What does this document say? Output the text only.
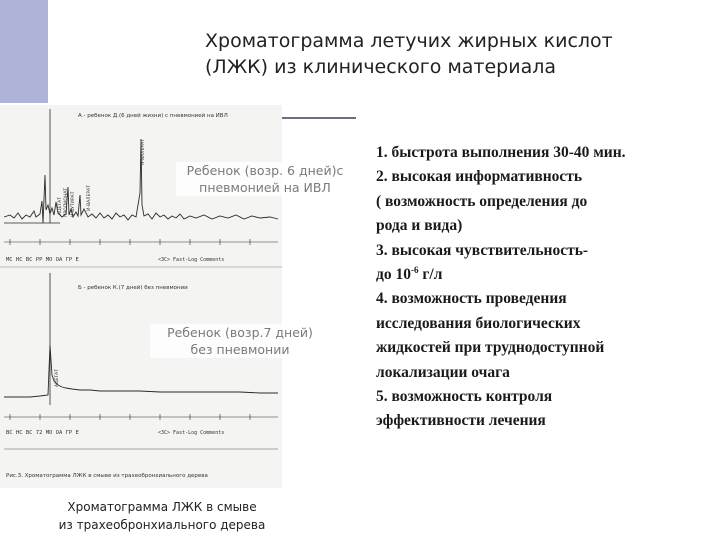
Хроматограмма летучих жирных кислот
(ЛЖК) из клинического материала
А - ребенок Д.(6 дней жизни) с пневмонией на ИВЛ
АЦЕТАТ ПРОПИОНАТ И-ВУТИРАТ И-ВАЛЕРАТ
Н-ВАЛЕРАТ
МС НС ВС РР МО ОА ГР Е	<ЗС> Fast-Log Comments
Б - ребенок К.(7 дней) без пневмонии
АЦЕТАТ
ВС НС ВС 72 МО ОА ГР Е	<ЗС> Fast-Log Comments
Рис.3. Хроматограмма ЛЖК в смыве из трахеобронхиального дерева
Ребенок (возр. 6 дней)с
пневмонией на ИВЛ
Ребенок (возр.7 дней)
без пневмонии
Хроматограмма ЛЖК в смыве
из трахеобронхиального дерева
1. быстрота выполнения 30-40 мин.
2. высокая информативность
( возможность определения до
рода и вида)
3. высокая чувствительность-
до $10^{-6}$ г/л
4. возможность проведения
исследования биологических
жидкостей при труднодоступной
локализации очага
5. возможность контроля
эффективности лечения
